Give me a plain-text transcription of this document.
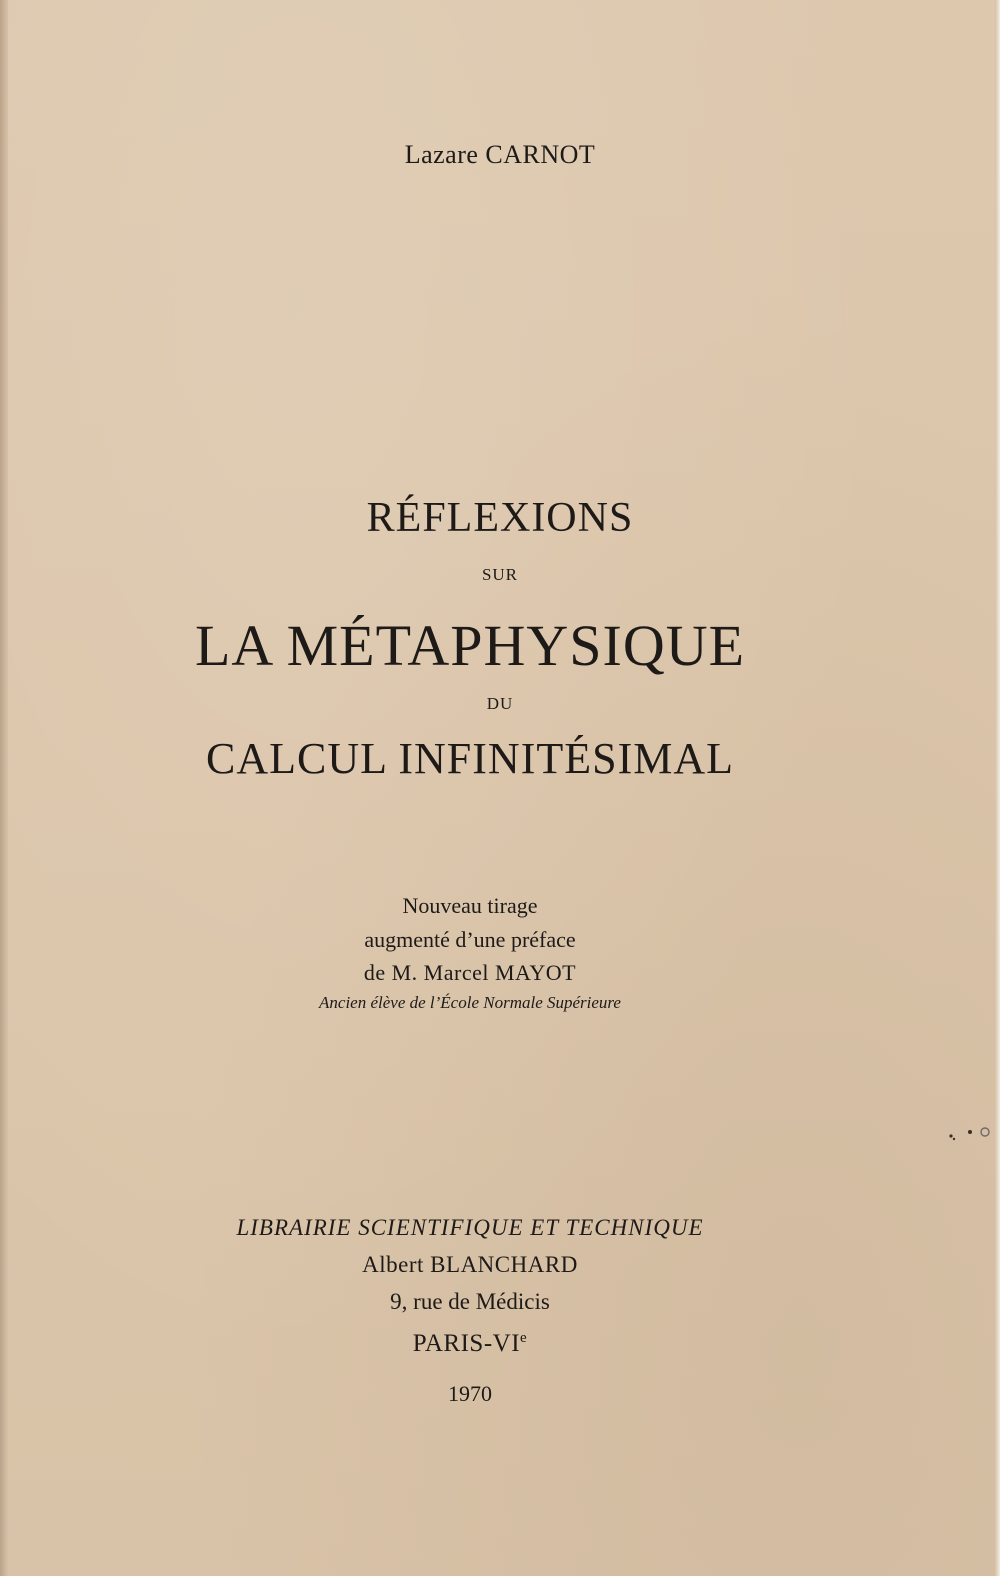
Lazare CARNOT
RÉFLEXIONS
SUR
LA MÉTAPHYSIQUE
DU
CALCUL INFINITÉSIMAL
Nouveau tirage
augmenté d’une préface
de M. Marcel MAYOT
Ancien élève de l’École Normale Supérieure
LIBRAIRIE SCIENTIFIQUE ET TECHNIQUE
Albert BLANCHARD
9, rue de Médicis
PARIS-VIe
1970
